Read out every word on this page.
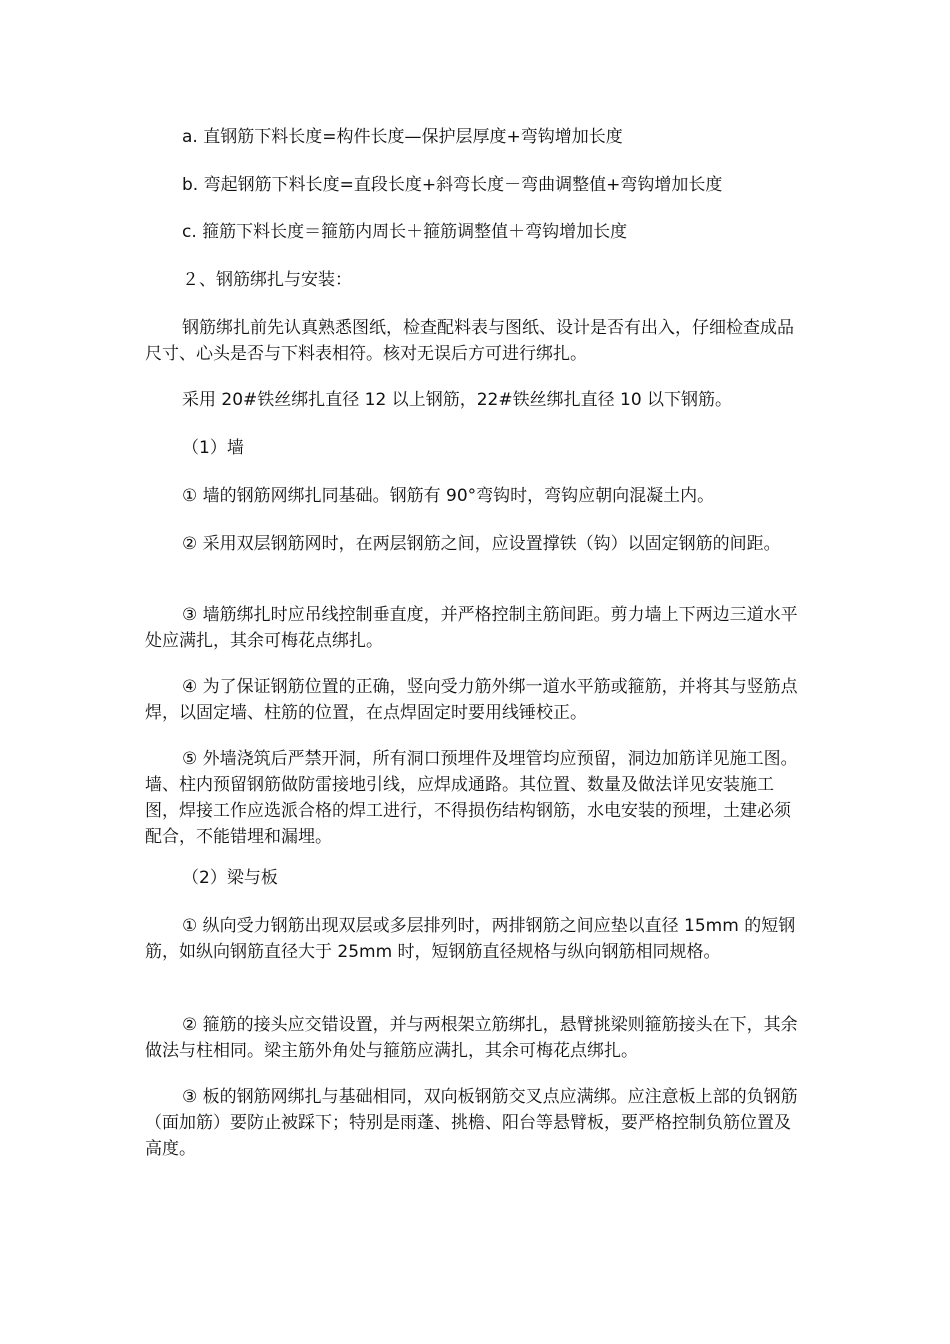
a. 直钢筋下料长度=构件长度—保护层厚度+弯钩增加长度

b. 弯起钢筋下料长度=直段长度+斜弯长度－弯曲调整值+弯钩增加长度

c. 箍筋下料长度＝箍筋内周长＋箍筋调整值＋弯钩增加长度

２、钢筋绑扎与安装：

钢筋绑扎前先认真熟悉图纸，检查配料表与图纸、设计是否有出入，仔细检查成品尺寸、心头是否与下料表相符。核对无误后方可进行绑扎。

采用 20#铁丝绑扎直径 12 以上钢筋，22#铁丝绑扎直径 10 以下钢筋。

（1）墙

① 墙的钢筋网绑扎同基础。钢筋有 90°弯钩时，弯钩应朝向混凝土内。

② 采用双层钢筋网时，在两层钢筋之间，应设置撑铁（钩）以固定钢筋的间距。

③ 墙筋绑扎时应吊线控制垂直度，并严格控制主筋间距。剪力墙上下两边三道水平处应满扎，其余可梅花点绑扎。

④ 为了保证钢筋位置的正确，竖向受力筋外绑一道水平筋或箍筋，并将其与竖筋点焊，以固定墙、柱筋的位置，在点焊固定时要用线锤校正。

⑤ 外墙浇筑后严禁开洞，所有洞口预埋件及埋管均应预留，洞边加筋详见施工图。墙、柱内预留钢筋做防雷接地引线，应焊成通路。其位置、数量及做法详见安装施工图，焊接工作应选派合格的焊工进行，不得损伤结构钢筋，水电安装的预埋，土建必须配合，不能错埋和漏埋。

（2）梁与板

① 纵向受力钢筋出现双层或多层排列时，两排钢筋之间应垫以直径 15mm 的短钢筋，如纵向钢筋直径大于 25mm 时，短钢筋直径规格与纵向钢筋相同规格。

② 箍筋的接头应交错设置，并与两根架立筋绑扎，悬臂挑梁则箍筋接头在下，其余做法与柱相同。梁主筋外角处与箍筋应满扎，其余可梅花点绑扎。

③ 板的钢筋网绑扎与基础相同，双向板钢筋交叉点应满绑。应注意板上部的负钢筋（面加筋）要防止被踩下；特别是雨蓬、挑檐、阳台等悬臂板，要严格控制负筋位置及高度。
